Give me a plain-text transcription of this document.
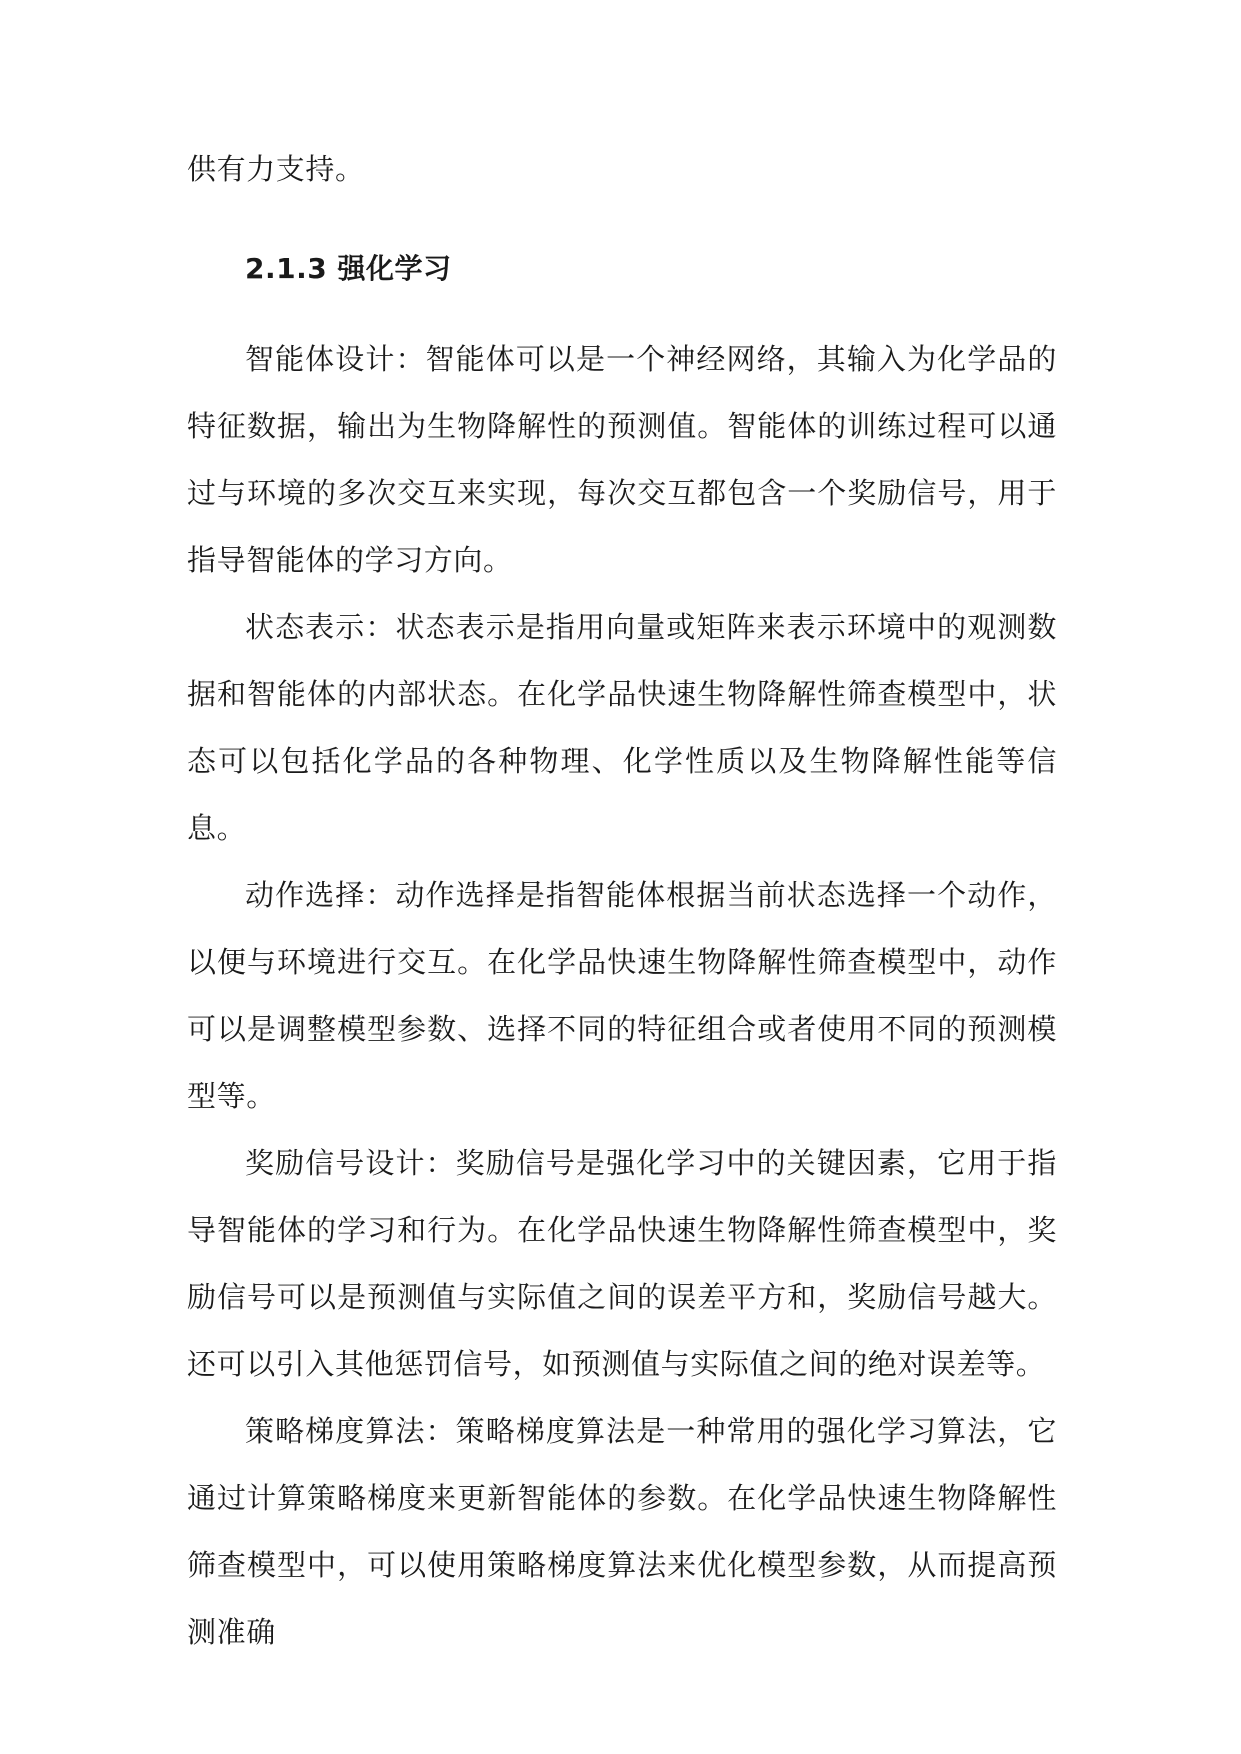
供有力支持。

2.1.3 强化学习

智能体设计：智能体可以是一个神经网络，其输入为化学品的特征数据，输出为生物降解性的预测值。智能体的训练过程可以通过与环境的多次交互来实现，每次交互都包含一个奖励信号，用于指导智能体的学习方向。

状态表示：状态表示是指用向量或矩阵来表示环境中的观测数据和智能体的内部状态。在化学品快速生物降解性筛查模型中，状态可以包括化学品的各种物理、化学性质以及生物降解性能等信息。

动作选择：动作选择是指智能体根据当前状态选择一个动作，以便与环境进行交互。在化学品快速生物降解性筛查模型中，动作可以是调整模型参数、选择不同的特征组合或者使用不同的预测模型等。

奖励信号设计：奖励信号是强化学习中的关键因素，它用于指导智能体的学习和行为。在化学品快速生物降解性筛查模型中，奖励信号可以是预测值与实际值之间的误差平方和，奖励信号越大。还可以引入其他惩罚信号，如预测值与实际值之间的绝对误差等。

策略梯度算法：策略梯度算法是一种常用的强化学习算法，它通过计算策略梯度来更新智能体的参数。在化学品快速生物降解性筛查模型中，可以使用策略梯度算法来优化模型参数，从而提高预测准确
